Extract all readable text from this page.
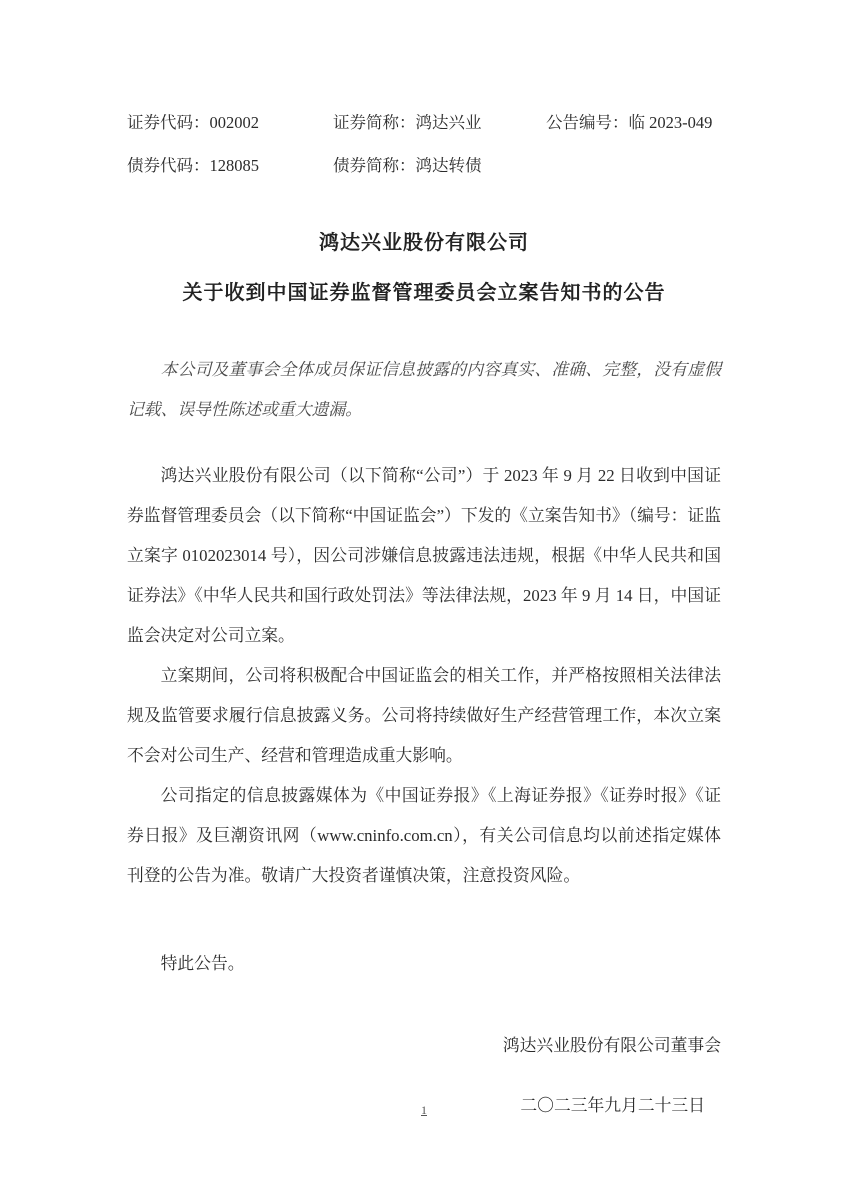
证券代码：002002	证券简称：鸿达兴业	公告编号：临 2023-049
债券代码：128085	债券简称：鸿达转债
鸿达兴业股份有限公司
关于收到中国证券监督管理委员会立案告知书的公告

本公司及董事会全体成员保证信息披露的内容真实、准确、完整，没有虚假记载、误导性陈述或重大遗漏。

鸿达兴业股份有限公司（以下简称“公司”）于 2023 年 9 月 22 日收到中国证券监督管理委员会（以下简称“中国证监会”）下发的《立案告知书》（编号：证监立案字 0102023014 号），因公司涉嫌信息披露违法违规，根据《中华人民共和国证券法》《中华人民共和国行政处罚法》等法律法规，2023 年 9 月 14 日，中国证监会决定对公司立案。

立案期间，公司将积极配合中国证监会的相关工作，并严格按照相关法律法规及监管要求履行信息披露义务。公司将持续做好生产经营管理工作，本次立案不会对公司生产、经营和管理造成重大影响。

公司指定的信息披露媒体为《中国证券报》《上海证券报》《证券时报》《证券日报》及巨潮资讯网（www.cninfo.com.cn），有关公司信息均以前述指定媒体刊登的公告为准。敬请广大投资者谨慎决策，注意投资风险。

特此公告。

鸿达兴业股份有限公司董事会
二〇二三年九月二十三日
1
